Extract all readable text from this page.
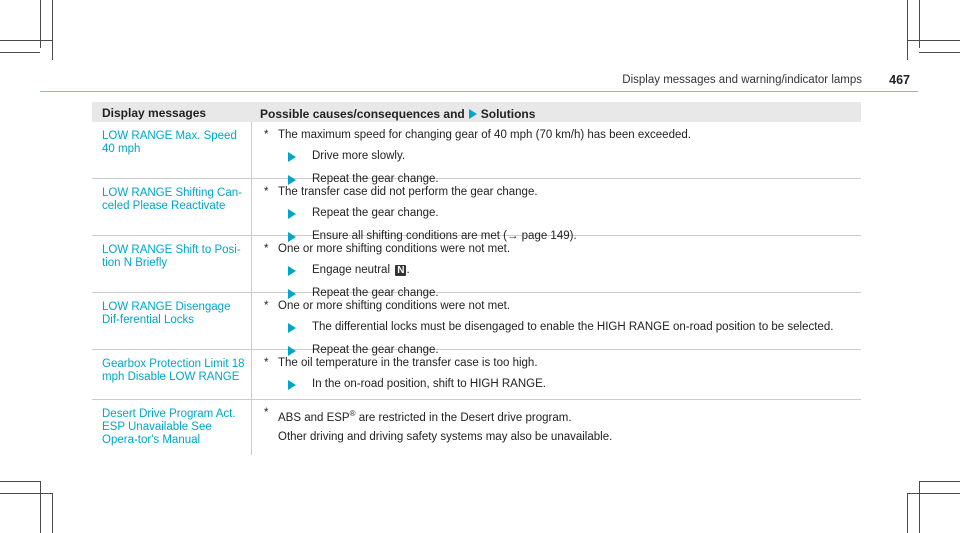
Display messages and warning/indicator lamps 467
Display messages	Possible causes/consequences and Solutions
LOW RANGE Max. Speed 40 mph
* The maximum speed for changing gear of 40 mph (70 km/h) has been exceeded.
Drive more slowly.
Repeat the gear change.
LOW RANGE Shifting Can-celed Please Reactivate
* The transfer case did not perform the gear change.
Repeat the gear change.
Ensure all shifting conditions are met (→ page 149).
LOW RANGE Shift to Posi-tion N Briefly
* One or more shifting conditions were not met.
Engage neutral N .
Repeat the gear change.
LOW RANGE Disengage Dif-ferential Locks
* One or more shifting conditions were not met.
The differential locks must be disengaged to enable the HIGH RANGE on-road position to be selected.
Repeat the gear change.
Gearbox Protection Limit 18 mph Disable LOW RANGE
* The oil temperature in the transfer case is too high.
In the on-road position, shift to HIGH RANGE.
Desert Drive Program Act. ESP Unavailable See Opera-tor's Manual
* ABS and ESP® are restricted in the Desert drive program.
Other driving and driving safety systems may also be unavailable.
